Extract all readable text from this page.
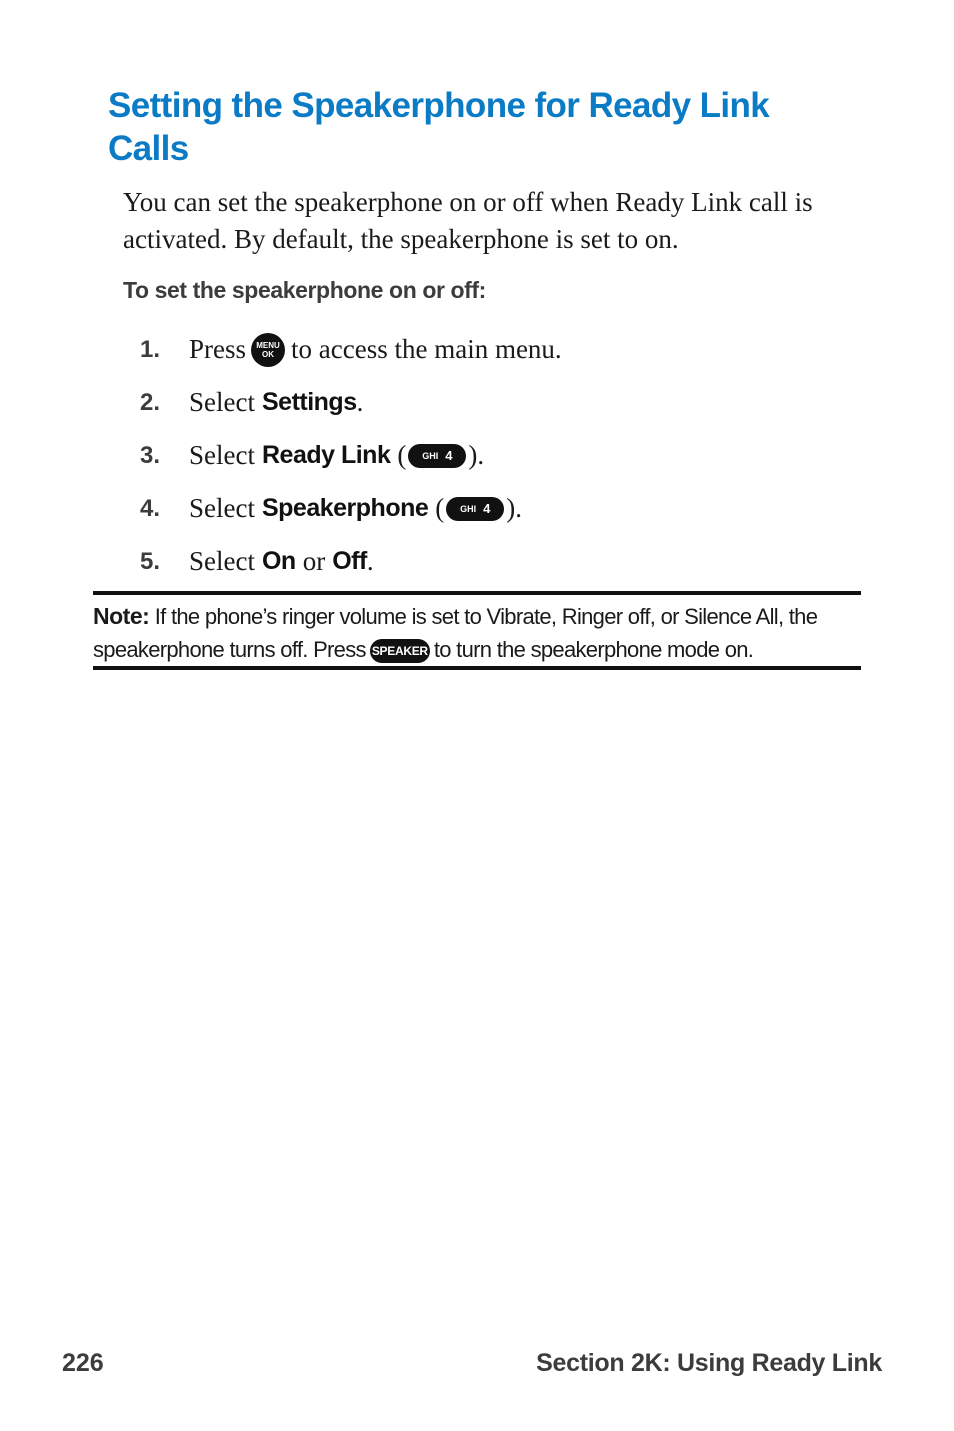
Setting the Speakerphone for Ready Link Calls

You can set the speakerphone on or off when Ready Link call is activated. By default, the speakerphone is set to on.

To set the speakerphone on or off:

1.	Press MENU
OK to access the main menu.
2.	Select Settings .
3.	Select Ready Link ( GHI 4 ).
4.	Select Speakerphone ( GHI 4 ).
5.	Select On or Off .

Note: If the phone’s ringer volume is set to Vibrate, Ringer off, or Silence All, the speakerphone turns off. Press SPEAKER to turn the speakerphone mode on.

226	Section 2K: Using Ready Link
